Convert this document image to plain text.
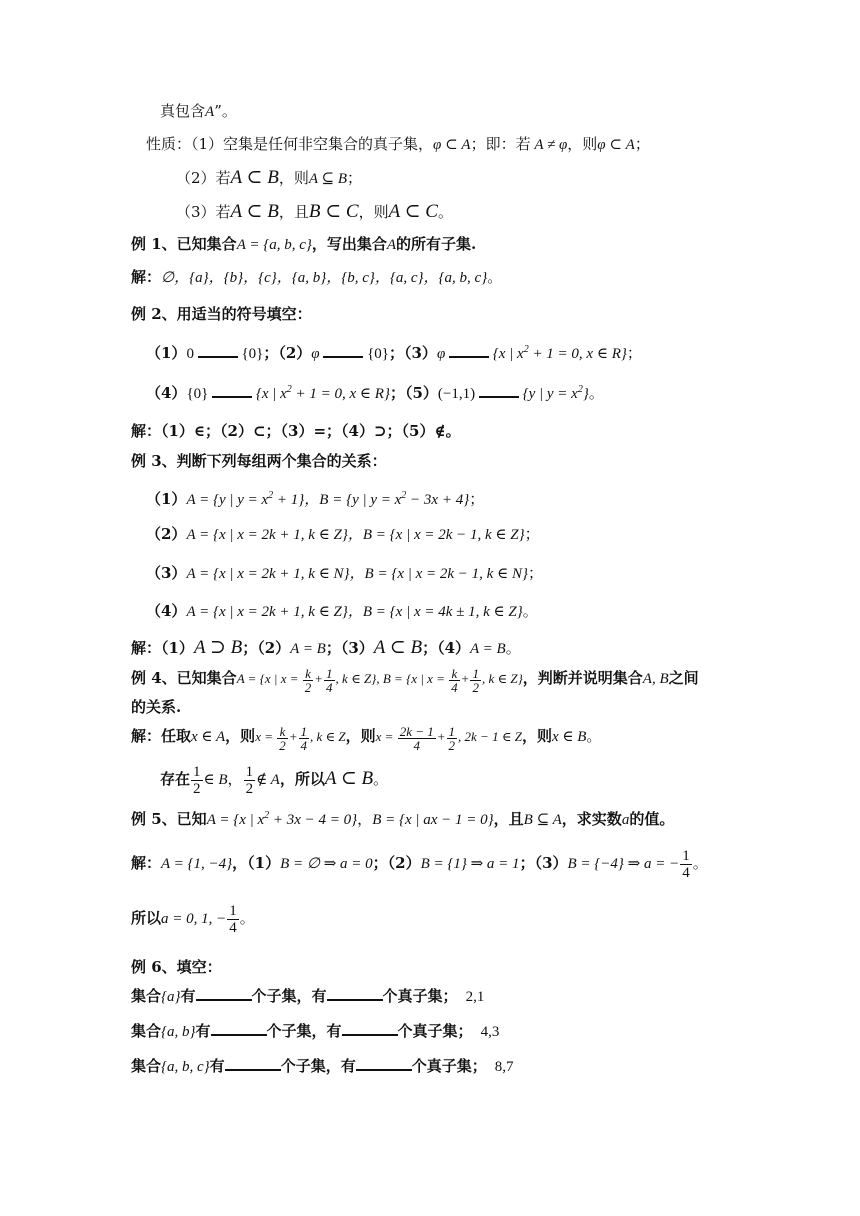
真包含A”。
性质：（1）空集是任何非空集合的真子集，φ ⊂ A；即：若 A ≠ φ，则φ ⊂ A；
（2）若A ⊂ B，则A ⊆ B；
（3）若A ⊂ B，且B ⊂ C，则A ⊂ C。
例 1、已知集合A = {a, b, c}，写出集合A的所有子集.
解：∅，{a}，{b}，{c}，{a, b}，{b, c}，{a, c}，{a, b, c}。
例 2、用适当的符号填空：
（1）0	{0}；（2）φ	{0}；（3）φ	{x | $x^2 + 1 = 0$, x ∈ R}；
（4）{0}	{x | $x^2 + 1 = 0$, x ∈ R}；（5）(−1,1)	{y | $y = x^2$}。
解：（1）∈；（2）⊂；（3）=；（4）⊃；（5）∉。
例 3、判断下列每组两个集合的关系：
（1）A = {y | $y = x^2 + 1$}，B = {y | $y = x^2 - 3x + 4$}；
（2）A = {x | x = 2k + 1, k ∈ Z}，B = {x | x = 2k − 1, k ∈ Z}；
（3）A = {x | x = 2k + 1, k ∈ N}，B = {x | x = 2k − 1, k ∈ N}；
（4）A = {x | x = 2k + 1, k ∈ Z}，B = {x | x = 4k ± 1, k ∈ Z}。
解：（1）A ⊃ B；（2）A = B；（3）A ⊂ B；（4）A = B。
例 4、已知集合A = {x | $x = \frac{k}{2} + \frac{1}{4}$ , k ∈ Z}, B = {x | $x = \frac{k}{4} + \frac{1}{2}$ , k ∈ Z}，判断并说明集合A, B之间
的关系.
解：任取x ∈ A，则$x = \frac{k}{2} + \frac{1}{4}$ , k ∈ Z，则$x = \frac{2k - 1}{4} + \frac{1}{2}$ , 2k − 1 ∈ Z，则x ∈ B。
存在 $\frac{1}{2}$ ∈ B， $\frac{1}{2}$ ∉ A，所以A ⊂ B。
例 5、已知A = {x | $x^2 + 3x - 4 = 0$}，B = {x | ax − 1 = 0}，且B ⊆ A，求实数a的值。
解：A = {1, −4}，（1）B = ∅ ⇒ a = 0；（2）B = {1} ⇒ a = 1；（3）B = {−4} ⇒ a = − $\frac{1}{4}$ 。
所以a = 0, 1, − $\frac{1}{4}$ 。
例 6、填空：
集合{a}有	个子集，有	个真子集； 2,1
集合{a, b}有	个子集，有	个真子集； 4,3
集合{a, b, c}有	个子集，有	个真子集； 8,7
